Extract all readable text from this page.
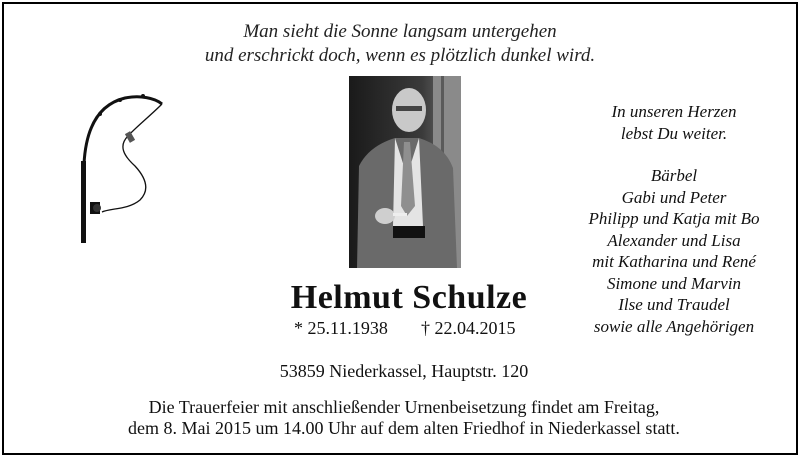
Man sieht die Sonne langsam untergehen
und erschrickt doch, wenn es plötzlich dunkel wird.
Helmut Schulze
* 25.11.1938 † 22.04.2015
53859 Niederkassel, Hauptstr. 120
Die Trauerfeier mit anschließender Urnenbeisetzung findet am Freitag,
dem 8. Mai 2015 um 14.00 Uhr auf dem alten Friedhof in Niederkassel statt.
In unseren Herzen
lebst Du weiter.
Bärbel
Gabi und Peter
Philipp und Katja mit Bo
Alexander und Lisa
mit Katharina und René
Simone und Marvin
Ilse und Traudel
sowie alle Angehörigen
